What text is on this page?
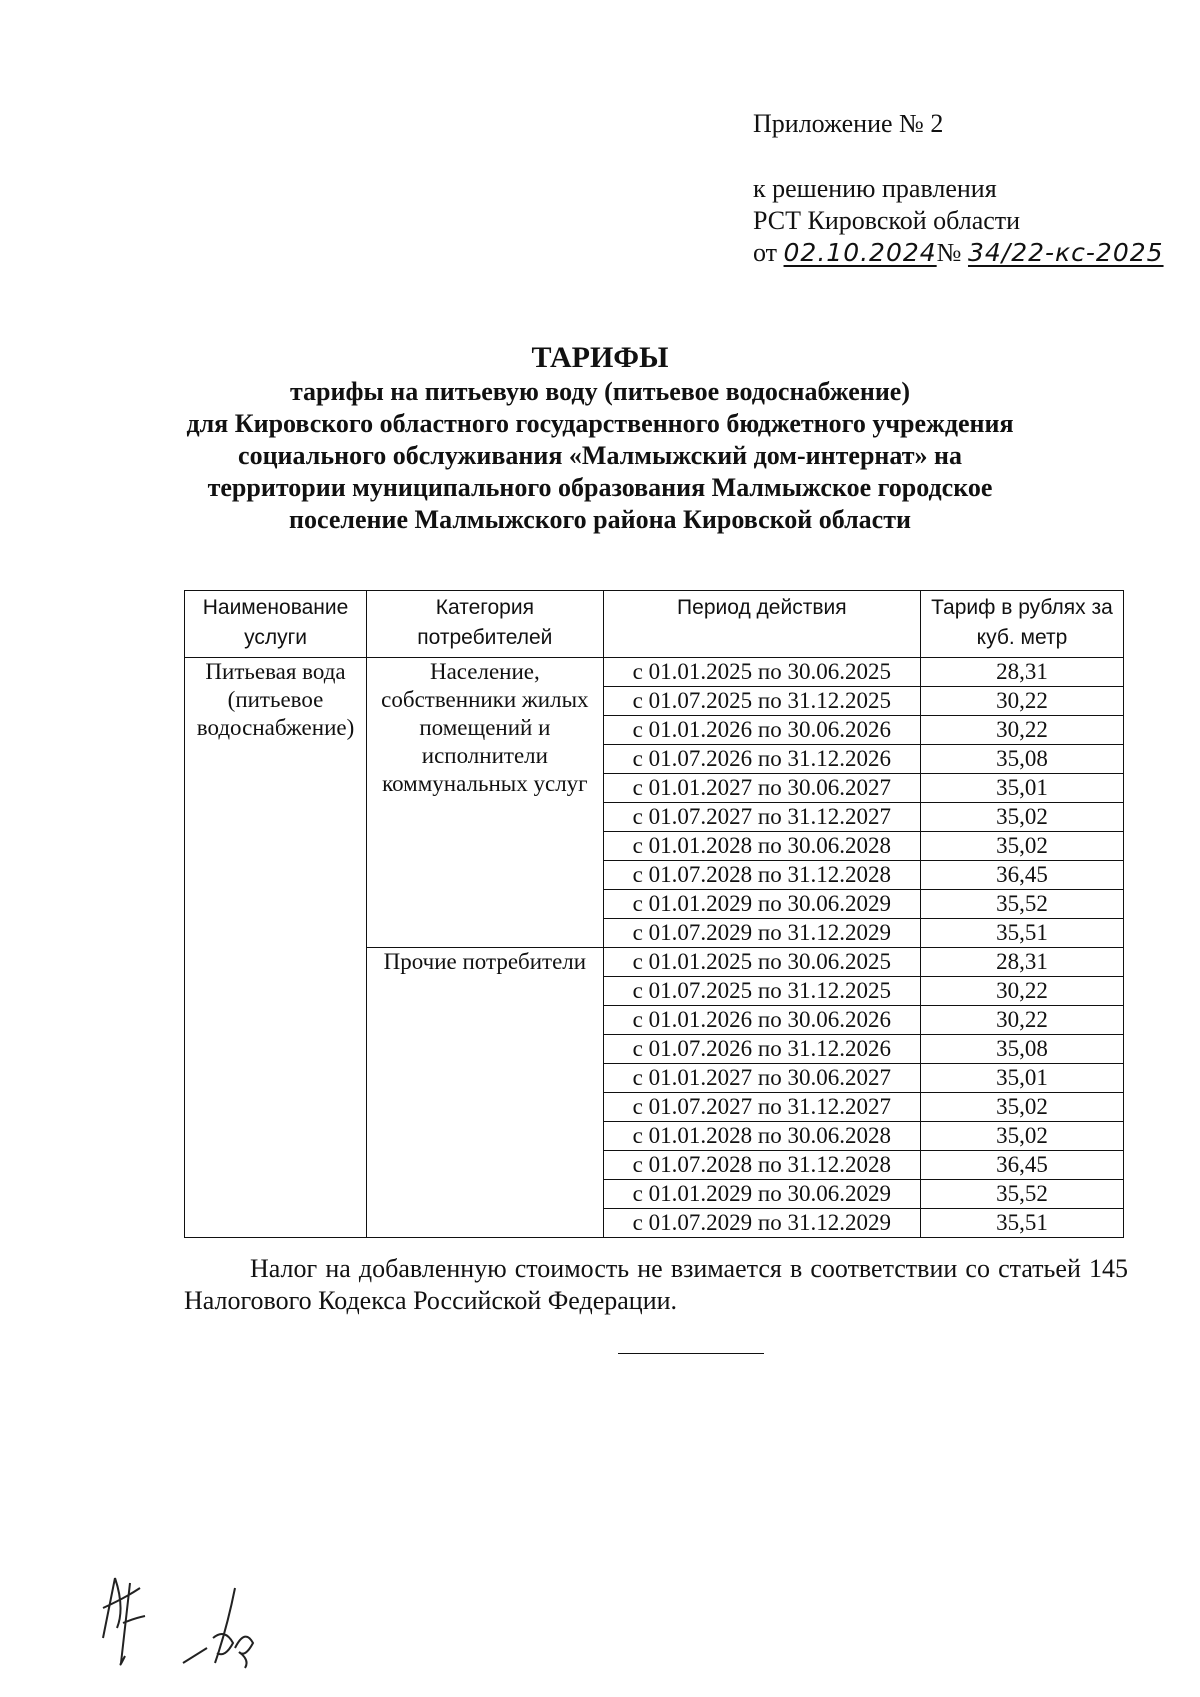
Приложение № 2
к решению правления
РСТ Кировской области
от 02.10.2024№ 34/22-кс-2025
ТАРИФЫ
тарифы на питьевую воду (питьевое водоснабжение)
для Кировского областного государственного бюджетного учреждения
социального обслуживания «Малмыжский дом-интернат» на
территории муниципального образования Малмыжское городское
поселение Малмыжского района Кировской области
Наименование услуги	Категория потребителей	Период действия	Тариф в рублях за куб. метр
Питьевая вода (питьевое водоснабжение)	Население, собственники жилых помещений и исполнители коммунальных услуг	с 01.01.2025 по 30.06.2025	28,31
		с 01.07.2025 по 31.12.2025	30,22
		с 01.01.2026 по 30.06.2026	30,22
		с 01.07.2026 по 31.12.2026	35,08
		с 01.01.2027 по 30.06.2027	35,01
		с 01.07.2027 по 31.12.2027	35,02
		с 01.01.2028 по 30.06.2028	35,02
		с 01.07.2028 по 31.12.2028	36,45
		с 01.01.2029 по 30.06.2029	35,52
		с 01.07.2029 по 31.12.2029	35,51
	Прочие потребители	с 01.01.2025 по 30.06.2025	28,31
		с 01.07.2025 по 31.12.2025	30,22
		с 01.01.2026 по 30.06.2026	30,22
		с 01.07.2026 по 31.12.2026	35,08
		с 01.01.2027 по 30.06.2027	35,01
		с 01.07.2027 по 31.12.2027	35,02
		с 01.01.2028 по 30.06.2028	35,02
		с 01.07.2028 по 31.12.2028	36,45
		с 01.01.2029 по 30.06.2029	35,52
		с 01.07.2029 по 31.12.2029	35,51
Налог на добавленную стоимость не взимается в соответствии со статьей 145 Налогового Кодекса Российской Федерации.
